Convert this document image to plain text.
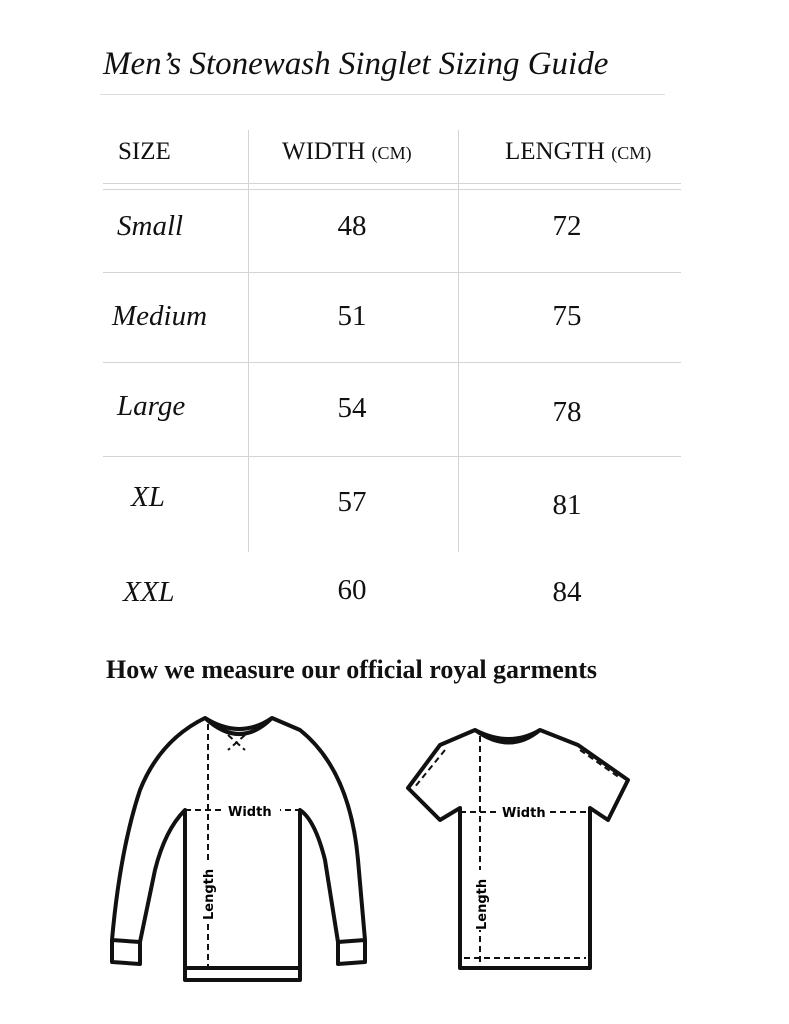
Men’s Stonewash Singlet Sizing Guide
SIZE	WIDTH (CM)	LENGTH (CM)
Small	48	72
Medium	51	75
Large	54	78
XL	57	81
XXL	60	84
How we measure our official royal garments
Width
Length
Width
Length
